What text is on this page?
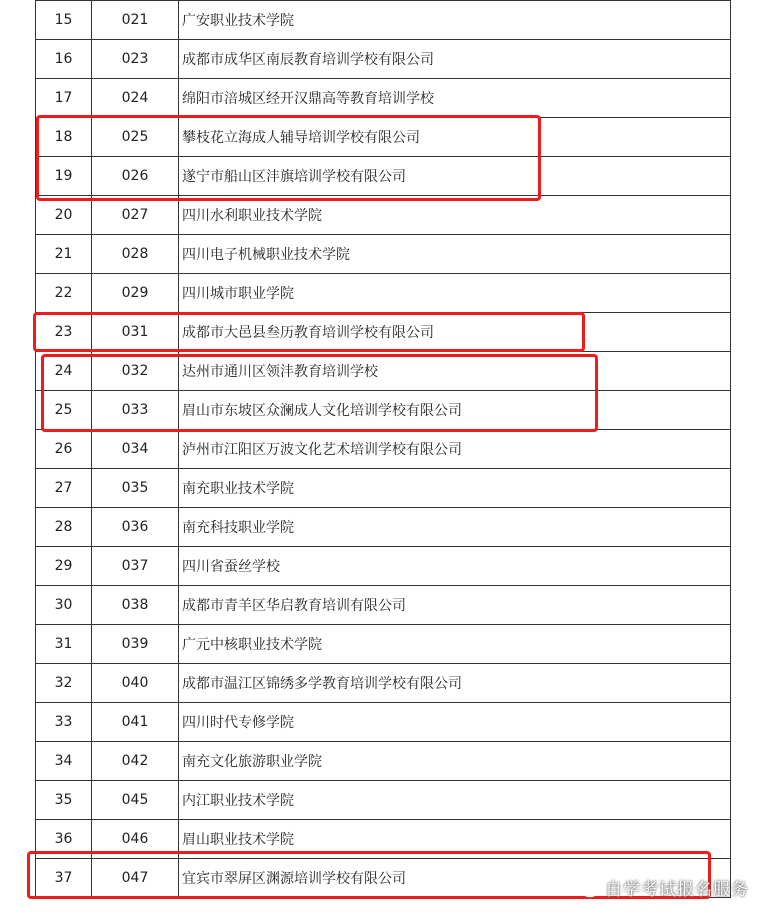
15	021	广安职业技术学院
16	023	成都市成华区南辰教育培训学校有限公司
17	024	绵阳市涪城区经开汉鼎高等教育培训学校
18	025	攀枝花立海成人辅导培训学校有限公司
19	026	遂宁市船山区沣旗培训学校有限公司
20	027	四川水利职业技术学院
21	028	四川电子机械职业技术学院
22	029	四川城市职业学院
23	031	成都市大邑县叁历教育培训学校有限公司
24	032	达州市通川区领沣教育培训学校
25	033	眉山市东坡区众澜成人文化培训学校有限公司
26	034	泸州市江阳区万波文化艺术培训学校有限公司
27	035	南充职业技术学院
28	036	南充科技职业学院
29	037	四川省蚕丝学校
30	038	成都市青羊区华启教育培训有限公司
31	039	广元中核职业技术学院
32	040	成都市温江区锦绣多学教育培训学校有限公司
33	041	四川时代专修学院
34	042	南充文化旅游职业学院
35	045	内江职业技术学院
36	046	眉山职业技术学院
37	047	宜宾市翠屏区渊源培训学校有限公司
自学考试报名服务
